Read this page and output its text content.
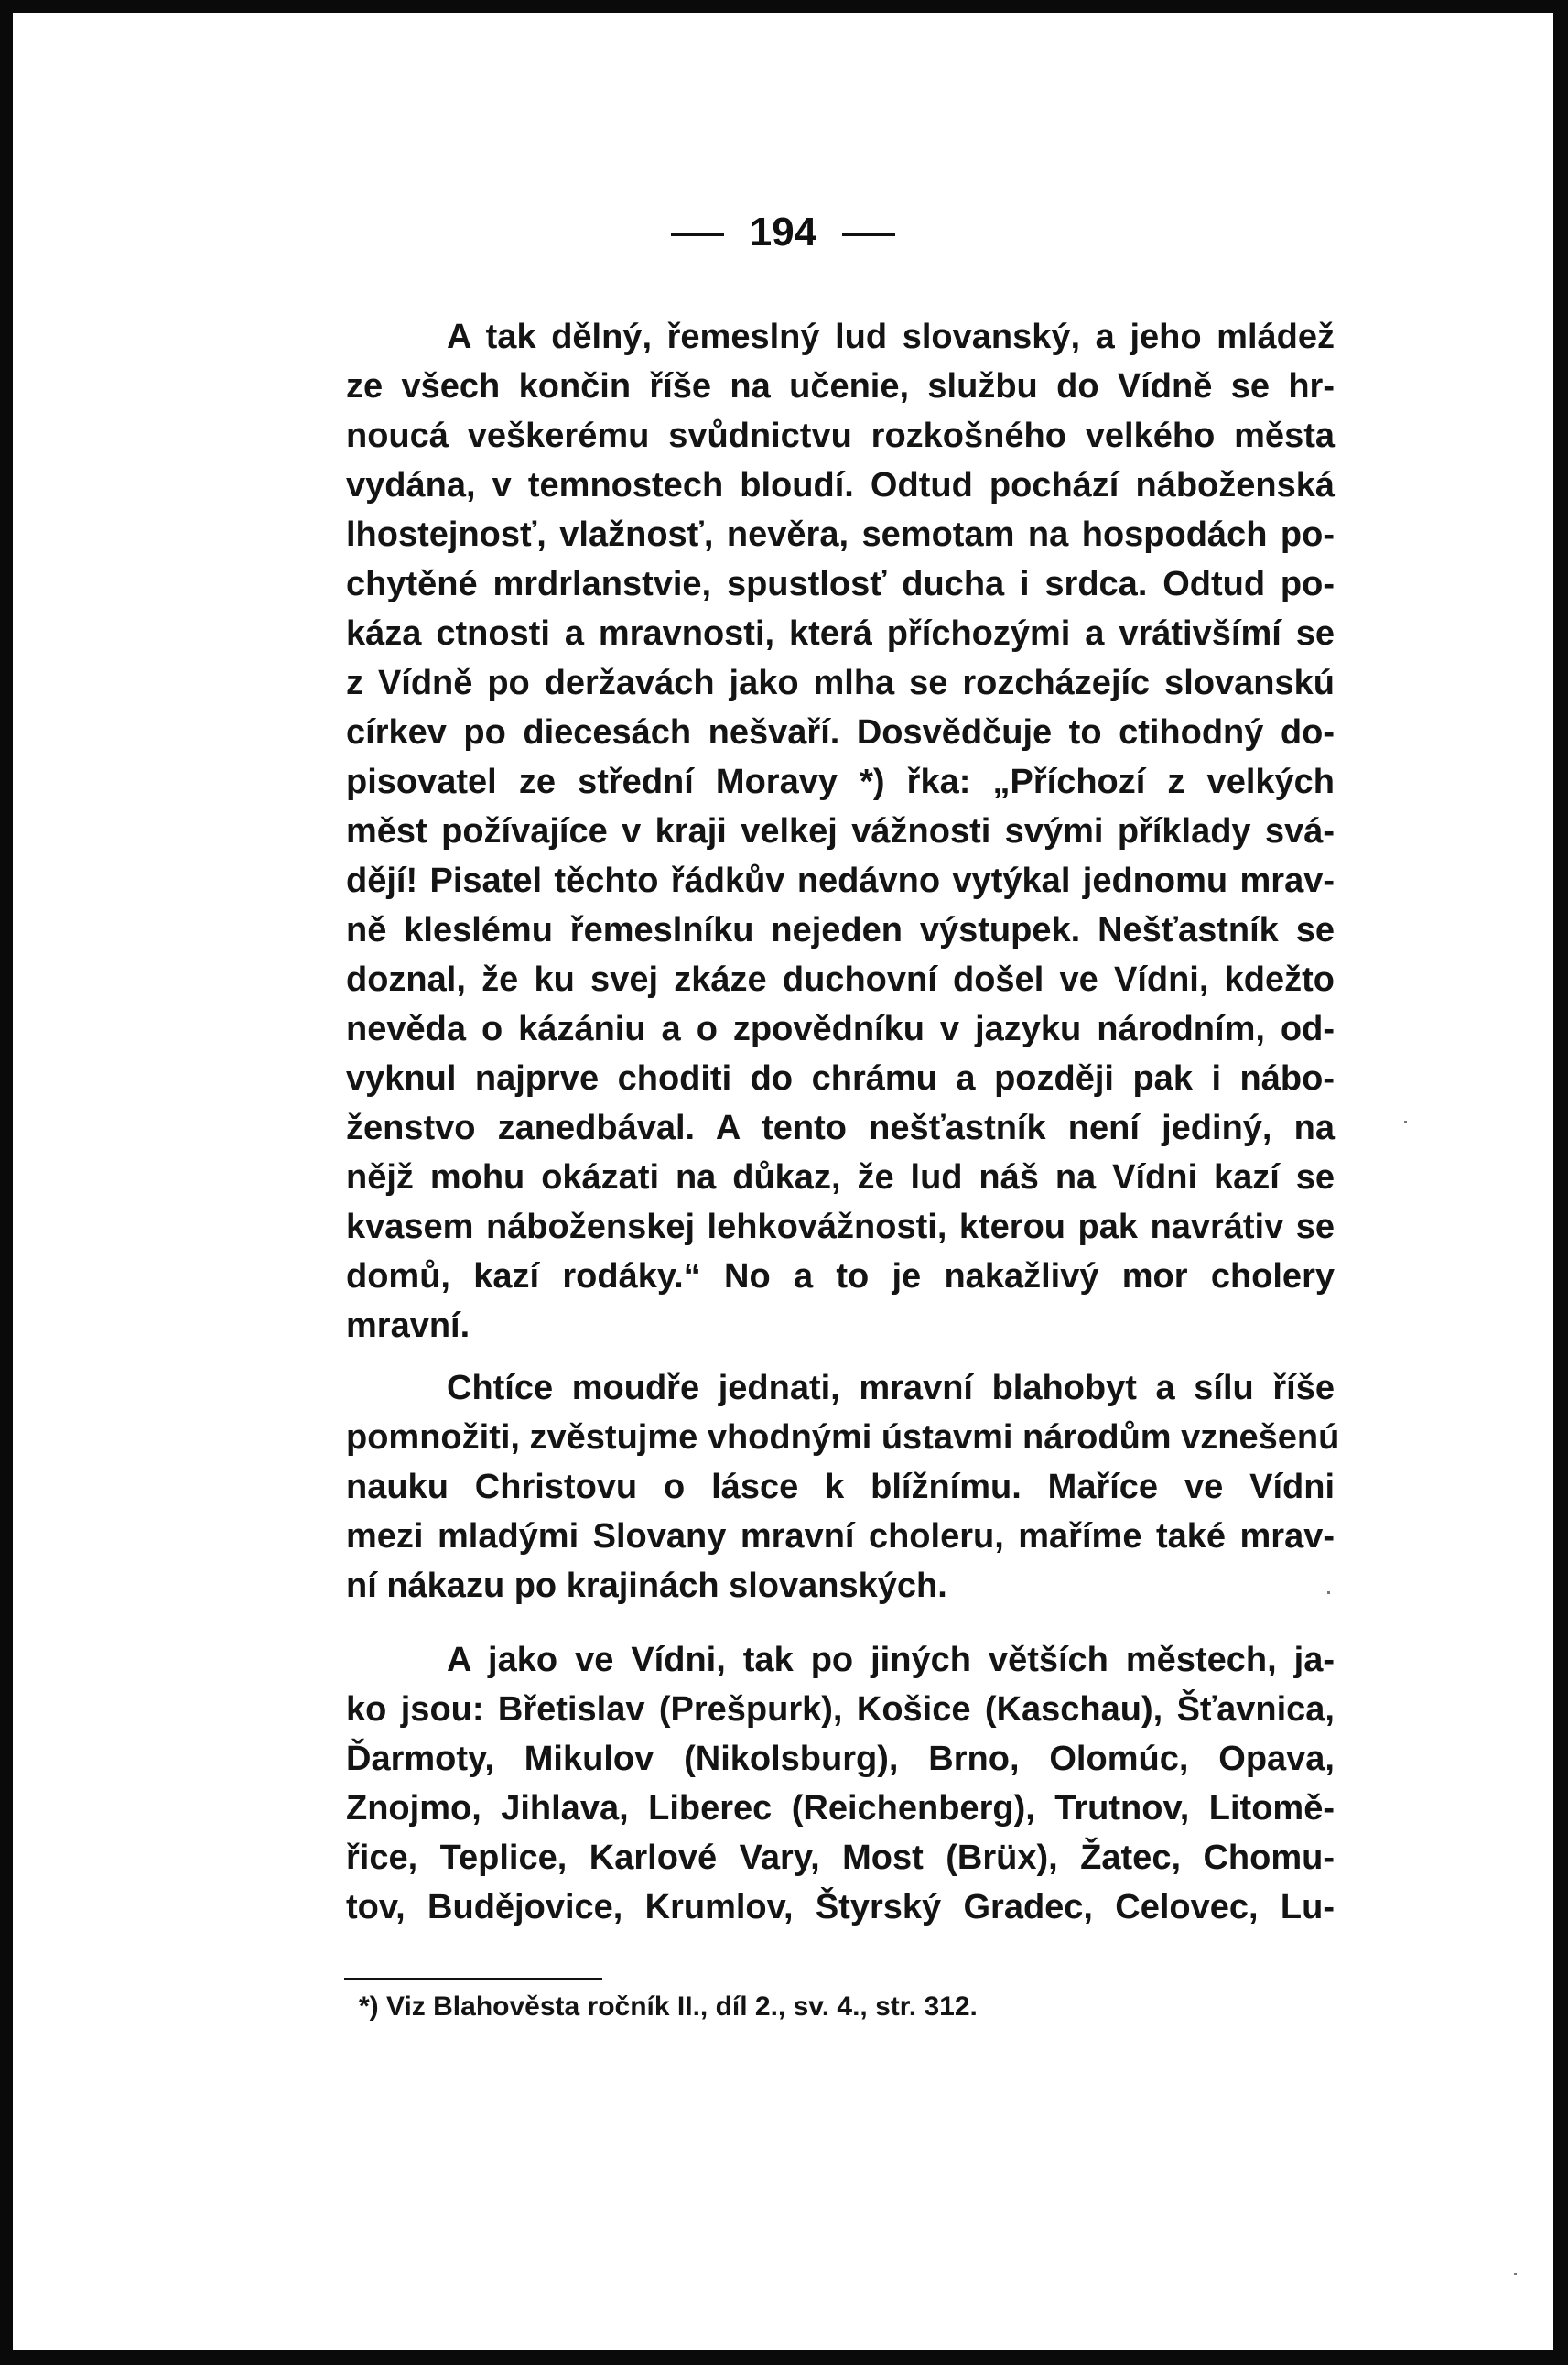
194
A tak dělný, řemeslný lud slovanský, a jeho mládež
ze všech končin říše na učenie, službu do Vídně se hr-
noucá veškerému svůdnictvu rozkošného velkého města
vydána, v temnostech bloudí. Odtud pochází náboženská
lhostejnosť, vlažnosť, nevěra, semotam na hospodách po-
chytěné mrdrlanstvie, spustlosť ducha i srdca. Odtud po-
káza ctnosti a mravnosti, která příchozými a vrátivšímí se
z Vídně po deržavách jako mlha se rozcházejíc slovanskú
církev po diecesách nešvaří. Dosvědčuje to ctihodný do-
pisovatel ze střední Moravy *) řka: „Příchozí z velkých
měst požívajíce v kraji velkej vážnosti svými příklady svá-
dějí! Pisatel těchto řádkův nedávno vytýkal jednomu mrav-
ně kleslému řemeslníku nejeden výstupek. Nešťastník se
doznal, že ku svej zkáze duchovní došel ve Vídni, kdežto
nevěda o kázániu a o zpovědníku v jazyku národním, od-
vyknul najprve choditi do chrámu a později pak i nábo-
ženstvo zanedbával. A tento nešťastník není jediný, na
nějž mohu okázati na důkaz, že lud náš na Vídni kazí se
kvasem náboženskej lehkovážnosti, kterou pak navrátiv se
domů, kazí rodáky.“ No a to je nakažlivý mor cholery
mravní.
Chtíce moudře jednati, mravní blahobyt a sílu říše
pomnožiti, zvěstujme vhodnými ústavmi národům vznešenú
nauku Christovu o lásce k blížnímu. Maříce ve Vídni
mezi mladými Slovany mravní choleru, maříme také mrav-
ní nákazu po krajinách slovanských.
A jako ve Vídni, tak po jiných větších městech, ja-
ko jsou: Břetislav (Prešpurk), Košice (Kaschau), Šťavnica,
Ďarmoty, Mikulov (Nikolsburg), Brno, Olomúc, Opava,
Znojmo, Jihlava, Liberec (Reichenberg), Trutnov, Litomě-
řice, Teplice, Karlové Vary, Most (Brüx), Žatec, Chomu-
tov, Budějovice, Krumlov, Štyrský Gradec, Celovec, Lu-
*) Viz Blahověsta ročník II., díl 2., sv. 4., str. 312.
